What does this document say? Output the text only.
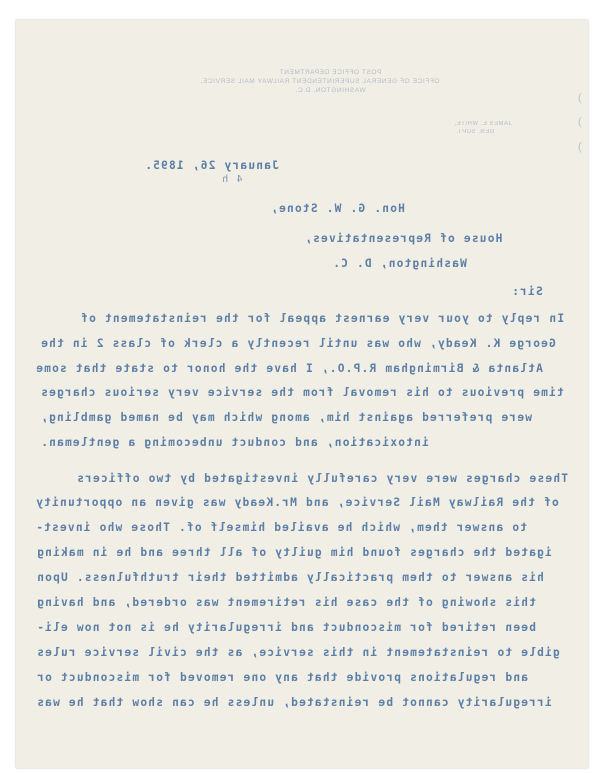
POST OFFICE DEPARTMENT
OFFICE OF GENERAL SUPERINTENDENT RAILWAY MAIL SERVICE,
WASHINGTON, D.C.
JAMES E. WHITE,
GEN. SUPT.
(
(
(
January 26, 1895.
4 h
Hon. G. W. Stone,
House of Representatives,
Washington, D. C.
Sir:
In reply to your very earnest appeal for the reinstatement of
George K. Keady, who was until recently a clerk of class 2 in the
Atlanta & Birmingham R.P.O., I have the honor to state that some
time previous to his removal from the service very serious charges
were preferred against him, among which may be named gambling,
intoxication, and conduct unbecoming a gentleman.
These charges were very carefully investigated by two officers
of the Railway Mail Service, and Mr.Keady was given an opportunity
to answer them, which he availed himself of. Those who invest-
igated the charges found him guilty of all three and he in making
his answer to them practically admitted their truthfulness. Upon
this showing of the case his retirement was ordered, and having
been retired for misconduct and irregularity he is not now eli-
gible to reinstatement in this service, as the civil service rules
and regulations provide that any one removed for misconduct or
irregularity cannot be reinstated, unless he can show that he was
